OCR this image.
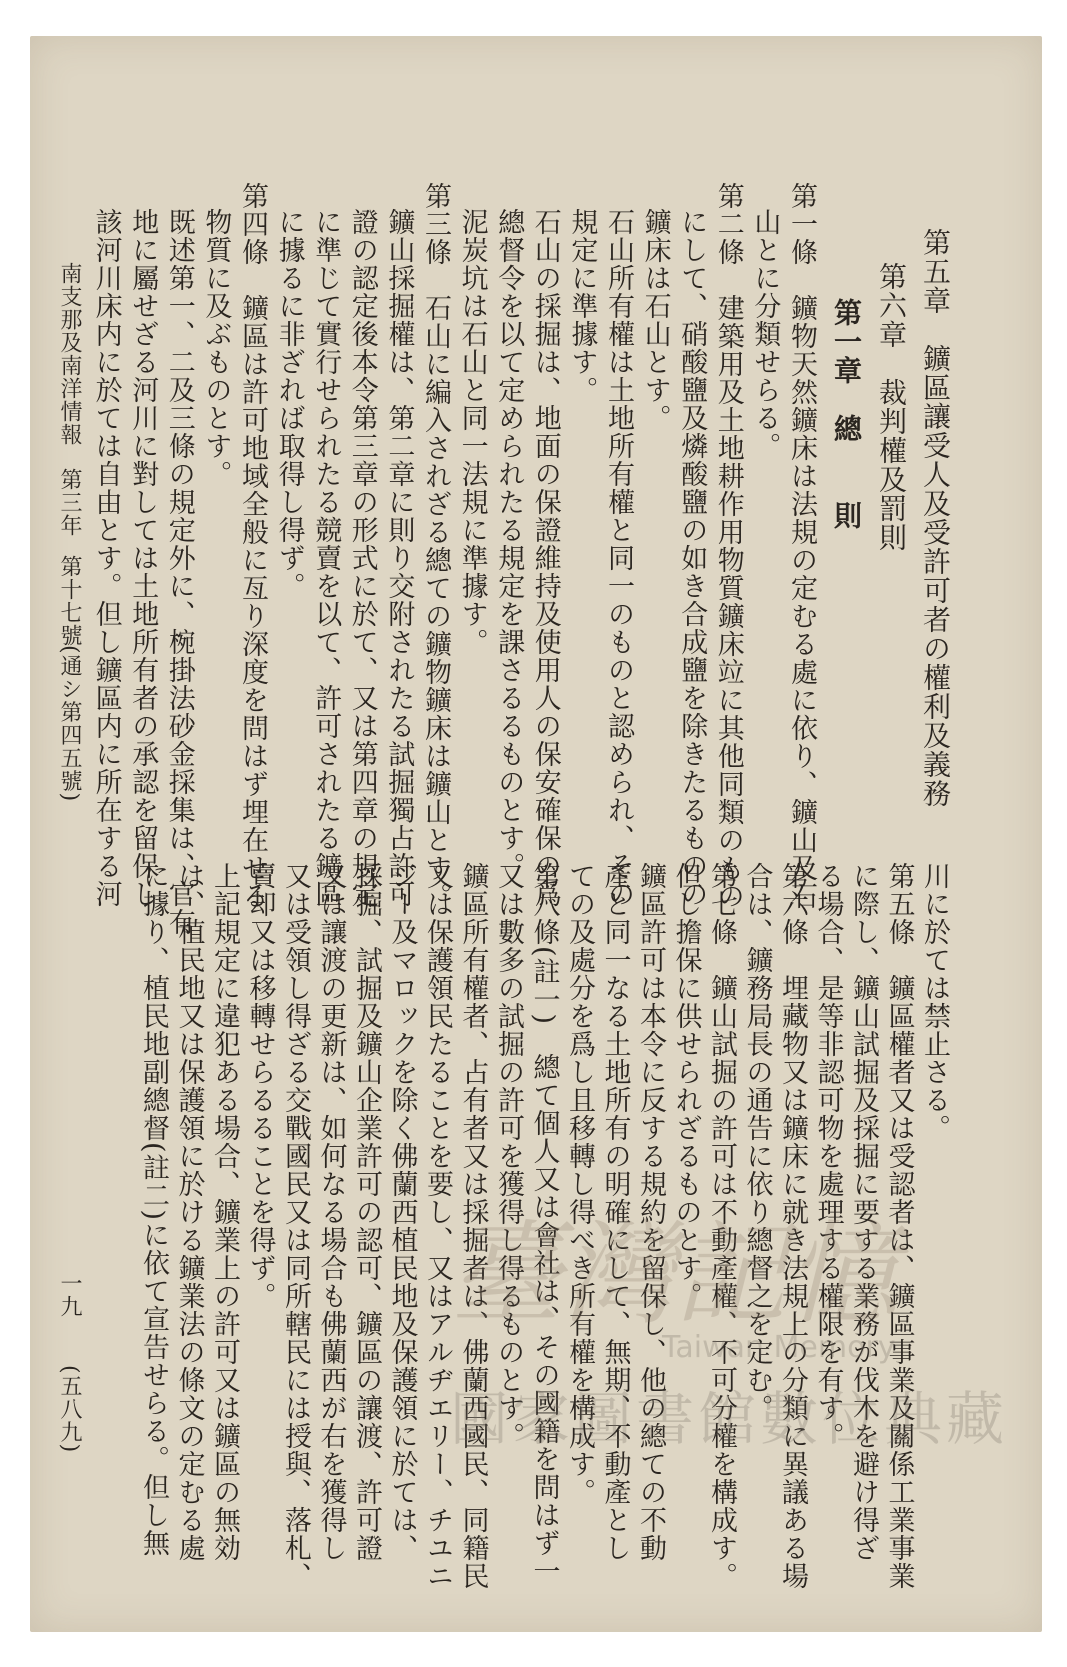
第五章　鑛區讓受人及受許可者の權利及義務
第六章　裁判權及罰則
第一章　總　　則
第一條　鑛物天然鑛床は法規の定むる處に依り、鑛山及石
山とに分類せらる。
第二條　建築用及土地耕作用物質鑛床竝に其他同類のもの
にして、硝酸鹽及燐酸鹽の如き合成鹽を除きたるものの
鑛床は石山とす。
石山所有權は土地所有權と同一のものと認められ、その
規定に準據す。
石山の採掘は、地面の保證維持及使用人の保安確保の爲
總督令を以て定められたる規定を課さるるものとす。
泥炭坑は石山と同一法規に準據す。
第三條　石山に編入されざる總ての鑛物鑛床は鑛山とす。
鑛山採掘權は、第二章に則り交附されたる試掘獨占許可
證の認定後本令第三章の形式に於て、又は第四章の規定
に準じて實行せられたる競賣を以て、許可されたる鑛區
に據るに非ざれば取得し得ず。
第四條　鑛區は許可地域全般に亙り深度を問はず埋在せる
物質に及ぶものとす。
既述第一、二及三條の規定外に、椀掛法砂金採集は、官有
地に屬せざる河川に對しては土地所有者の承認を留保し
該河川床内に於ては自由とす。但し鑛區内に所在する河
川に於ては禁止さる。
第五條　鑛區權者又は受認者は、鑛區事業及關係工業事業
に際し、鑛山試掘及採掘に要する業務が伐木を避け得ざ
る場合、是等非認可物を處理する權限を有す。
第六條　埋藏物又は鑛床に就き法規上の分類に異議ある場
合は、鑛務局長の通告に依り總督之を定む。
第七條　鑛山試掘の許可は不動產權、不可分權を構成す。
但し擔保に供せられざるものとす。
鑛區許可は本令に反する規約を留保し、他の總ての不動
產と同一なる土地所有の明確にして、無期、不動產とし
ての及處分を爲し且移轉し得べき所有權を構成す。
第八條(註一)　總て個人又は會社は、その國籍を問はず一
又は數多の試掘の許可を獲得し得るものとす。
鑛區所有權者、占有者又は採掘者は、佛蘭西國民、同籍民
又は保護領民たることを要し、又はアルヂエリー、チユニ
ジー及マロックを除く佛蘭西植民地及保護領に於ては、
採掘、試掘及鑛山企業許可の認可、鑛區の讓渡、許可證
又は讓渡の更新は、如何なる場合も佛蘭西が右を獲得し
又は受領し得ざる交戰國民又は同所轄民には授與、落札、
賣却又は移轉せらるることを得ず。
上記規定に違犯ある場合、鑛業上の許可又は鑛區の無効
は、植民地又は保護領に於ける鑛業法の條文の定むる處
に據り、植民地副總督(註二)に依て宣告せらる。但し無
南支那及南洋情報
第三年
第十七號
(通シ第四五號)
一九
(五八九)
臺灣記憶
Taiwan Memory
國家圖書館數位典藏
